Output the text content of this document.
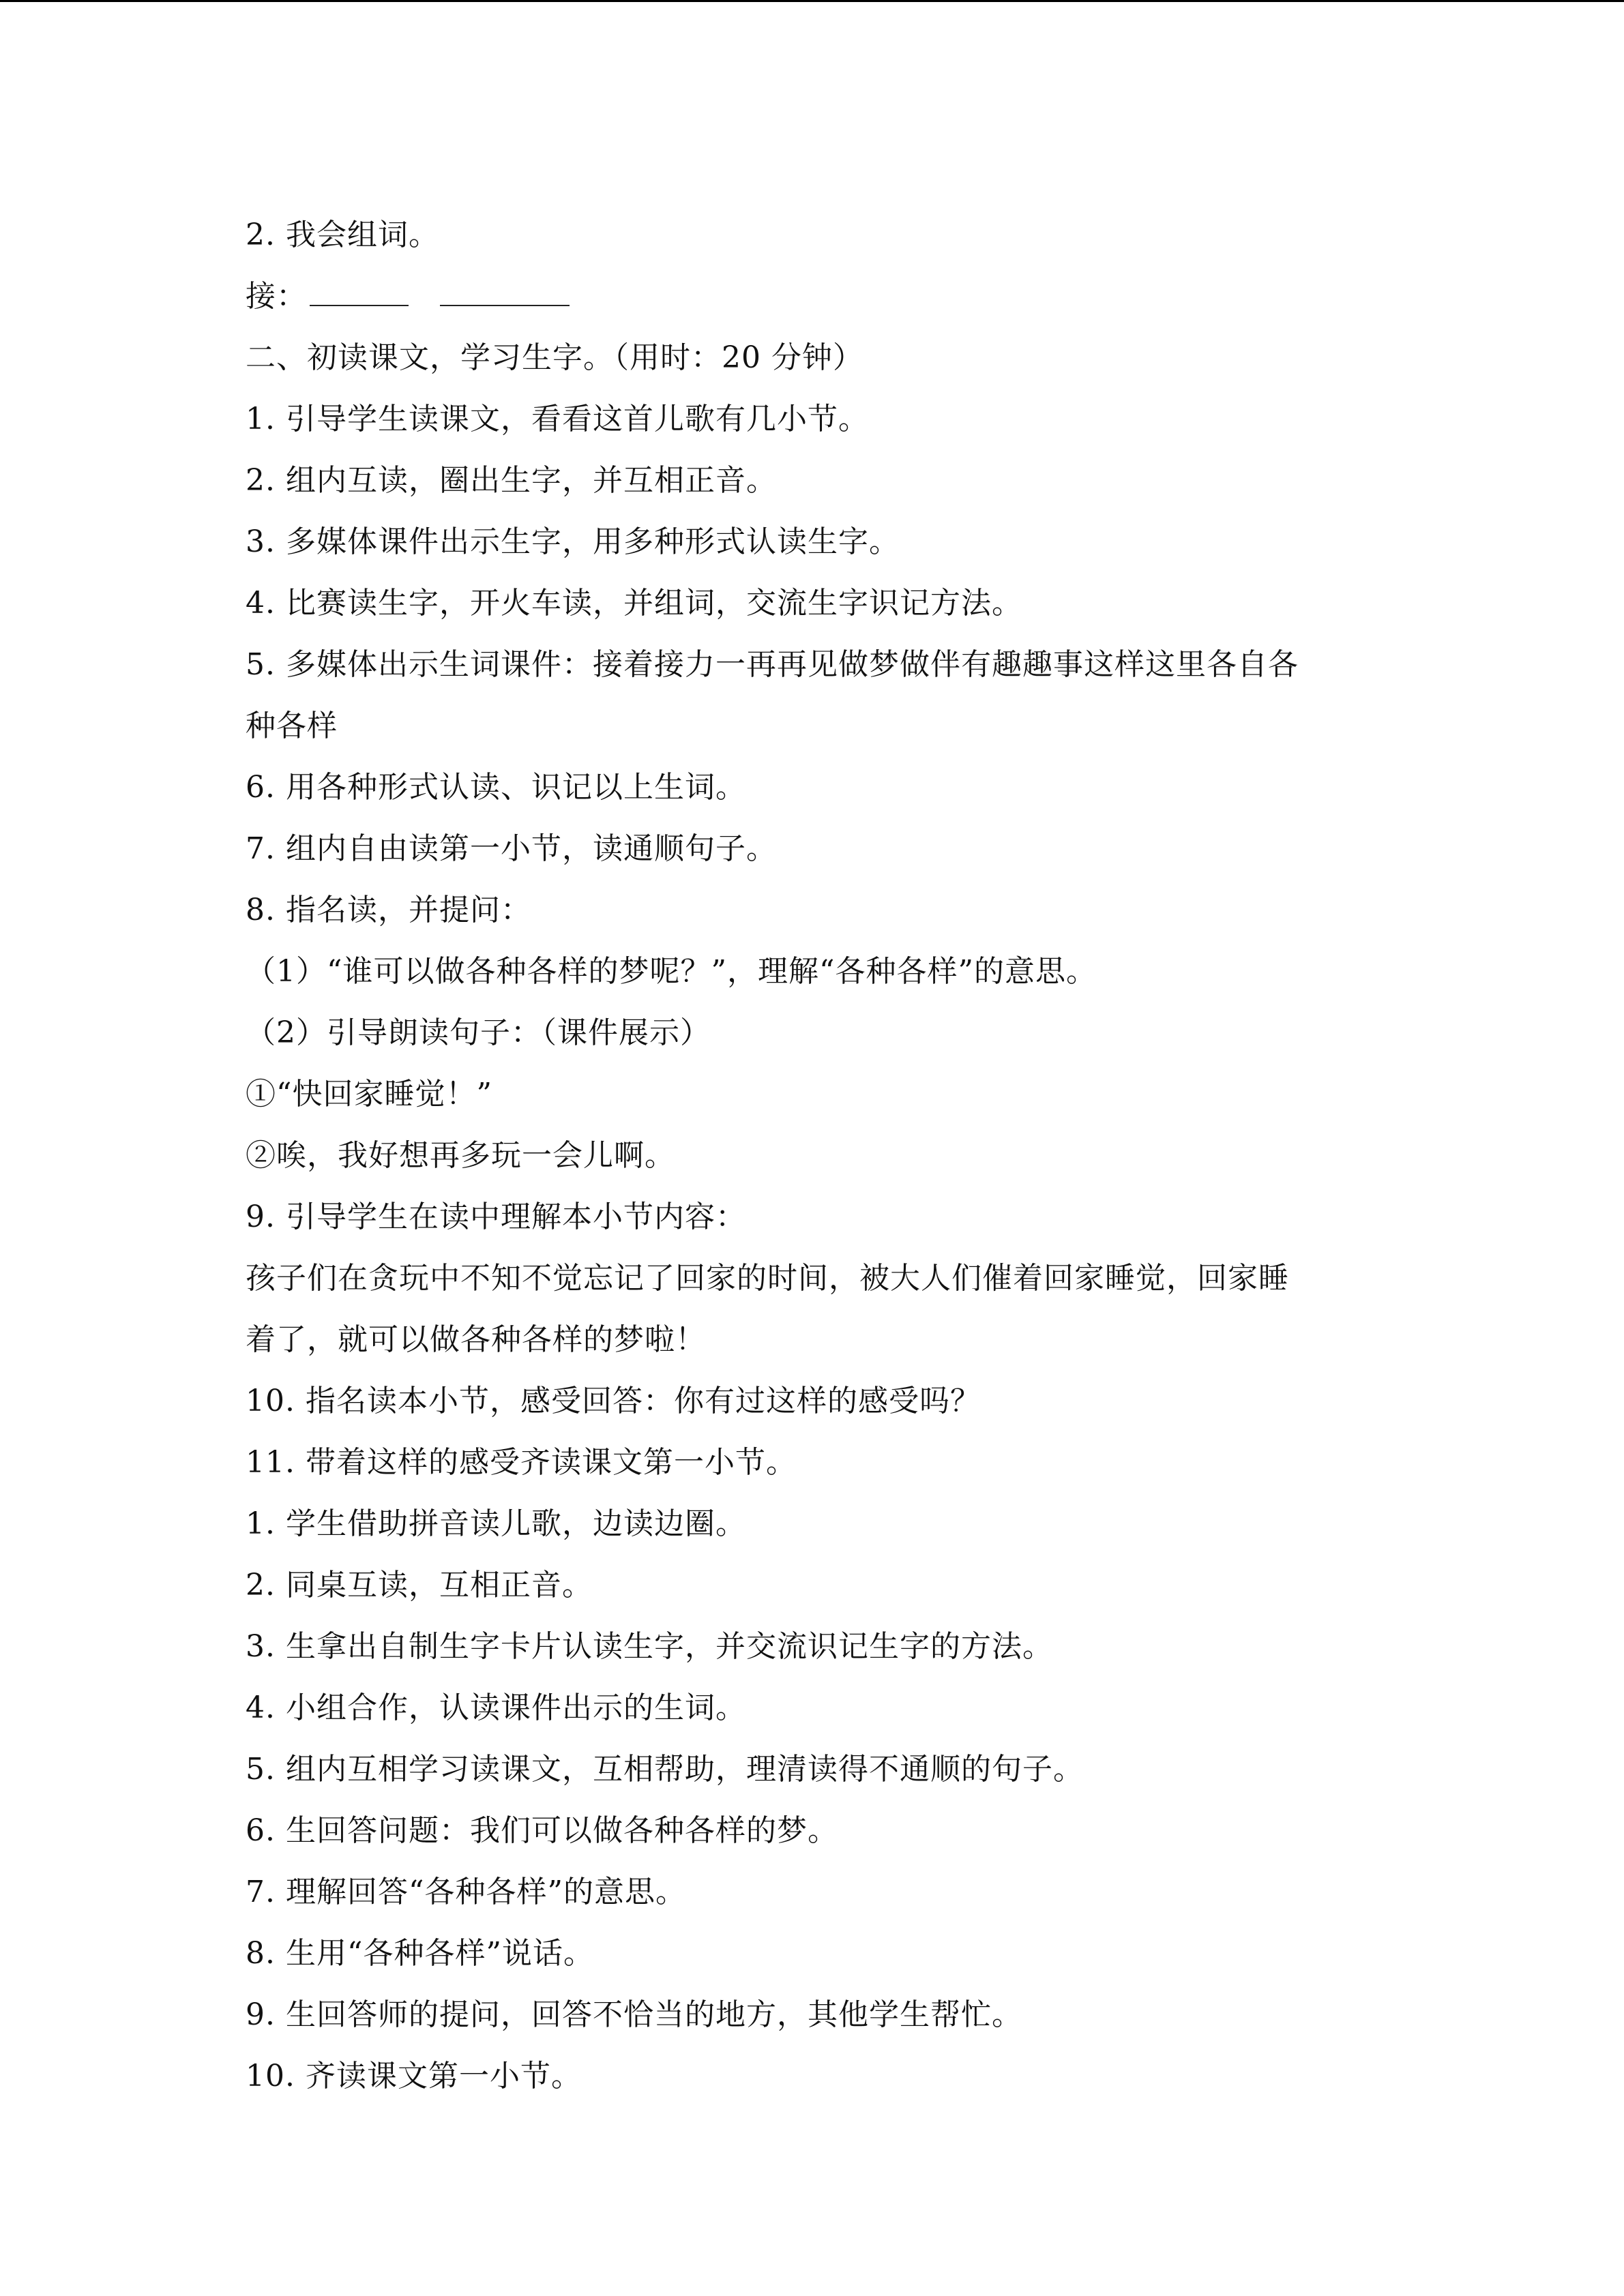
2. 我会组词。
接：
二、初读课文，学习生字。（用时：20 分钟）
1. 引导学生读课文，看看这首儿歌有几小节。
2. 组内互读，圈出生字，并互相正音。
3. 多媒体课件出示生字，用多种形式认读生字。
4. 比赛读生字，开火车读，并组词，交流生字识记方法。
5. 多媒体出示生词课件：接着接力一再再见做梦做伴有趣趣事这样这里各自各
种各样
6. 用各种形式认读、识记以上生词。
7. 组内自由读第一小节，读通顺句子。
8. 指名读，并提问：
（1）“谁可以做各种各样的梦呢？”，理解“各种各样”的意思。
（2）引导朗读句子：（课件展示）
①“快回家睡觉！”
②唉，我好想再多玩一会儿啊。
9. 引导学生在读中理解本小节内容：
孩子们在贪玩中不知不觉忘记了回家的时间，被大人们催着回家睡觉，回家睡
着了，就可以做各种各样的梦啦！
10. 指名读本小节，感受回答：你有过这样的感受吗？
11. 带着这样的感受齐读课文第一小节。
1. 学生借助拼音读儿歌，边读边圈。
2. 同桌互读，互相正音。
3. 生拿出自制生字卡片认读生字，并交流识记生字的方法。
4. 小组合作，认读课件出示的生词。
5. 组内互相学习读课文，互相帮助，理清读得不通顺的句子。
6. 生回答问题：我们可以做各种各样的梦。
7. 理解回答“各种各样”的意思。
8. 生用“各种各样”说话。
9. 生回答师的提问，回答不恰当的地方，其他学生帮忙。
10. 齐读课文第一小节。
